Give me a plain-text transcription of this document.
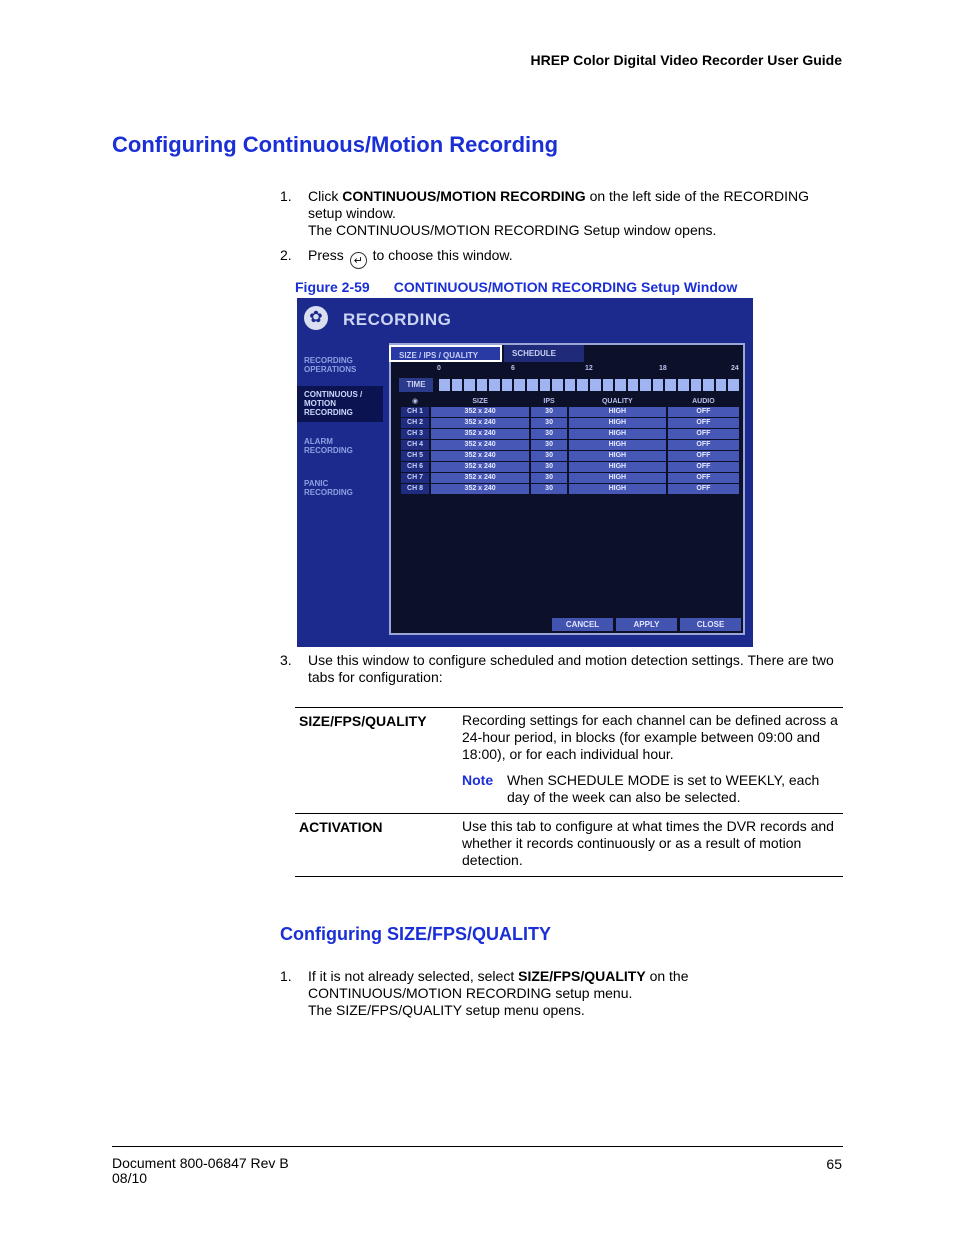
HREP Color Digital Video Recorder User Guide
Configuring Continuous/Motion Recording
1. Click CONTINUOUS/MOTION RECORDING on the left side of the RECORDING setup window.
The CONTINUOUS/MOTION RECORDING Setup window opens.
2. Press ↵ to choose this window.
Figure 2-59 CONTINUOUS/MOTION RECORDING Setup Window
✿	RECORDING
RECORDING
OPERATIONS
CONTINUOUS /
MOTION
RECORDING
ALARM
RECORDING
PANIC
RECORDING
SIZE / IPS / QUALITY	SCHEDULE
0	6	12	18	24
TIME
◉	SIZE	IPS	QUALITY	AUDIO
CH 1	352 x 240	30	HIGH	OFF
CH 2	352 x 240	30	HIGH	OFF
CH 3	352 x 240	30	HIGH	OFF
CH 4	352 x 240	30	HIGH	OFF
CH 5	352 x 240	30	HIGH	OFF
CH 6	352 x 240	30	HIGH	OFF
CH 7	352 x 240	30	HIGH	OFF
CH 8	352 x 240	30	HIGH	OFF
CANCEL	APPLY	CLOSE
3. Use this window to configure scheduled and motion detection settings. There are two tabs for configuration:
SIZE/FPS/QUALITY	Recording settings for each channel can be defined across a 24-hour period, in blocks (for example between 09:00 and 18:00), or for each individual hour.
Note When SCHEDULE MODE is set to WEEKLY, each day of the week can also be selected.
ACTIVATION	Use this tab to configure at what times the DVR records and whether it records continuously or as a result of motion detection.
Configuring SIZE/FPS/QUALITY
1. If it is not already selected, select SIZE/FPS/QUALITY on the CONTINUOUS/MOTION RECORDING setup menu.
The SIZE/FPS/QUALITY setup menu opens.
Document 800-06847 Rev B
08/10
65
